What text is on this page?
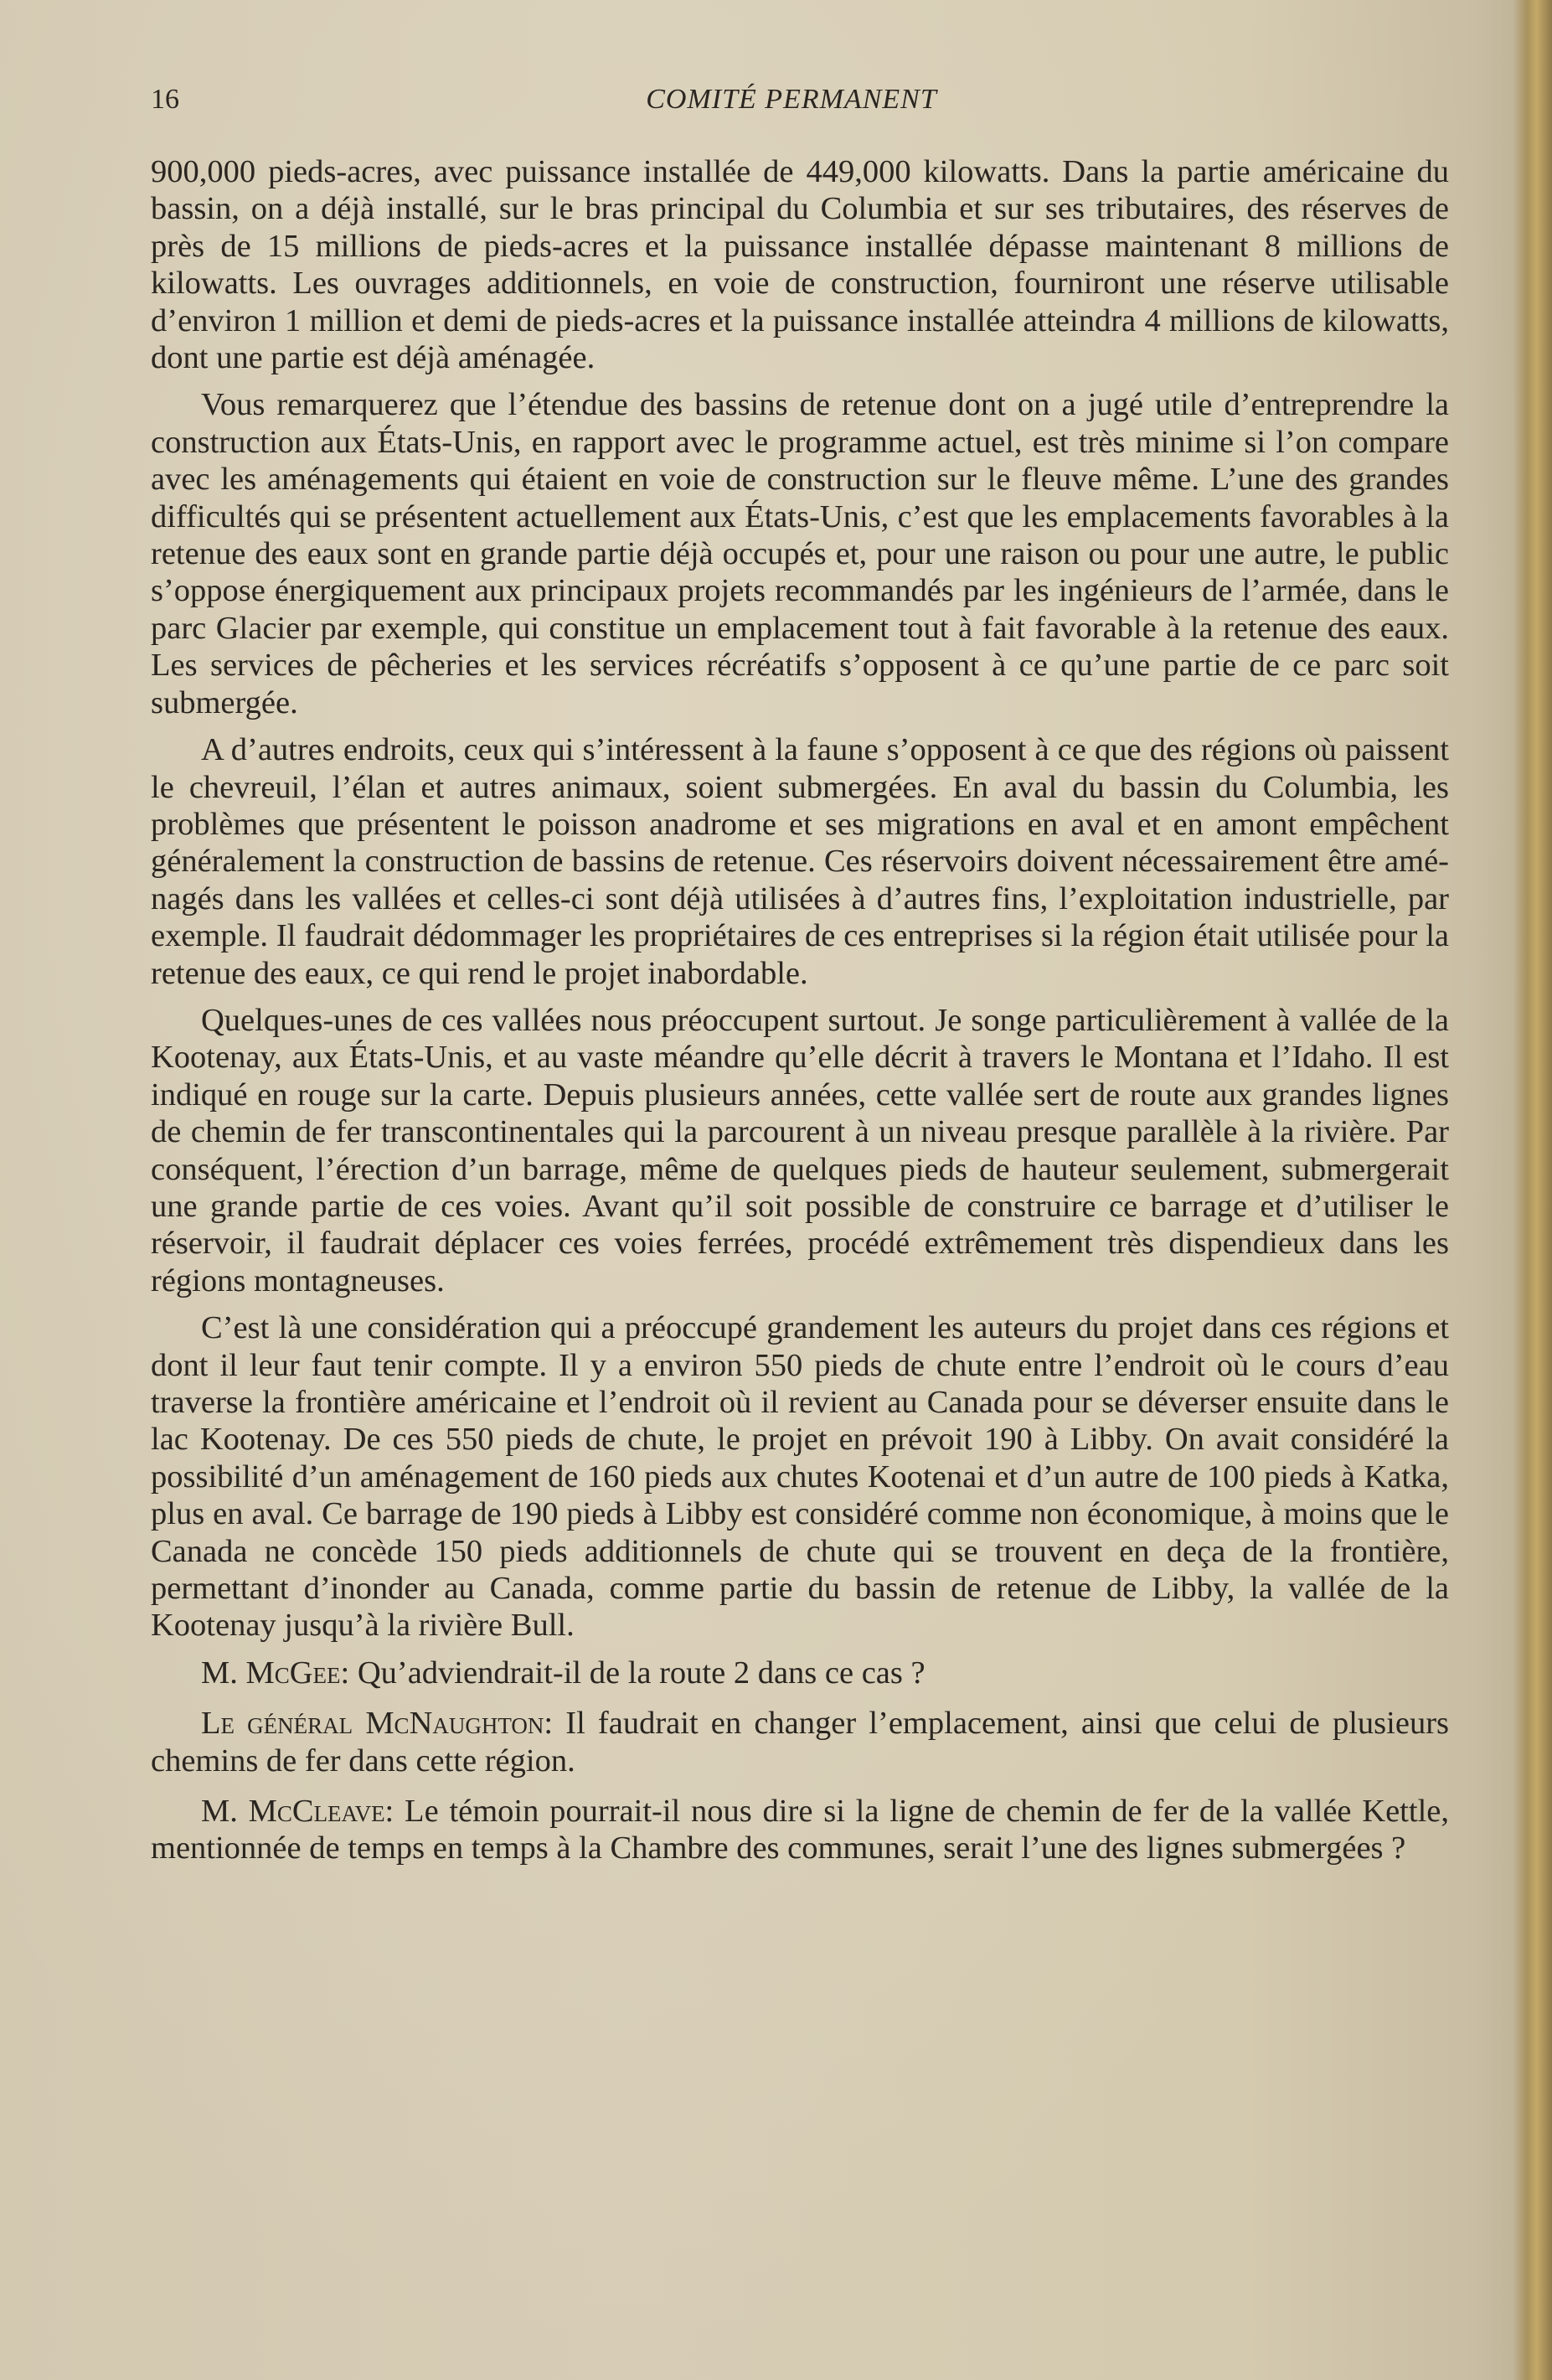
16	COMITÉ PERMANENT

900,000 pieds-acres, avec puissance installée de 449,000 kilowatts. Dans la partie américaine du bassin, on a déjà installé, sur le bras principal du Columbia et sur ses tributaires, des réserves de près de 15 millions de pieds-acres et la puissance installée dépasse maintenant 8 millions de kilowatts. Les ouvrages additionnels, en voie de construction, fourniront une réserve utilisable d’environ 1 million et demi de pieds-acres et la puissance installée atteindra 4 millions de kilowatts, dont une partie est déjà aménagée.

Vous remarquerez que l’étendue des bassins de retenue dont on a jugé utile d’entreprendre la construction aux États-Unis, en rapport avec le programme actuel, est très minime si l’on compare avec les aménagements qui étaient en voie de construction sur le fleuve même. L’une des grandes difficultés qui se présentent actuellement aux États-Unis, c’est que les emplacements favorables à la retenue des eaux sont en grande partie déjà occupés et, pour une raison ou pour une autre, le public s’oppose énergiquement aux principaux projets recommandés par les ingénieurs de l’armée, dans le parc Glacier par exemple, qui constitue un emplacement tout à fait favorable à la retenue des eaux. Les services de pêcheries et les services récréatifs s’opposent à ce qu’une partie de ce parc soit submergée.

A d’autres endroits, ceux qui s’intéressent à la faune s’opposent à ce que des régions où paissent le chevreuil, l’élan et autres animaux, soient submergées. En aval du bassin du Columbia, les problèmes que présentent le poisson anadrome et ses migrations en aval et en amont empêchent généralement la construction de bassins de retenue. Ces réservoirs doivent nécessairement être aménagés dans les vallées et celles-ci sont déjà utilisées à d’autres fins, l’exploitation industrielle, par exemple. Il faudrait dédommager les propriétaires de ces entreprises si la région était utilisée pour la retenue des eaux, ce qui rend le projet inabordable.

Quelques-unes de ces vallées nous préoccupent surtout. Je songe particulièrement à vallée de la Kootenay, aux États-Unis, et au vaste méandre qu’elle décrit à travers le Montana et l’Idaho. Il est indiqué en rouge sur la carte. Depuis plusieurs années, cette vallée sert de route aux grandes lignes de chemin de fer transcontinentales qui la parcourent à un niveau presque parallèle à la rivière. Par conséquent, l’érection d’un barrage, même de quelques pieds de hauteur seulement, submergerait une grande partie de ces voies. Avant qu’il soit possible de construire ce barrage et d’utiliser le réservoir, il faudrait déplacer ces voies ferrées, procédé extrêmement très dispendieux dans les régions montagneuses.

C’est là une considération qui a préoccupé grandement les auteurs du projet dans ces régions et dont il leur faut tenir compte. Il y a environ 550 pieds de chute entre l’endroit où le cours d’eau traverse la frontière américaine et l’endroit où il revient au Canada pour se déverser ensuite dans le lac Kootenay. De ces 550 pieds de chute, le projet en prévoit 190 à Libby. On avait considéré la possibilité d’un aménagement de 160 pieds aux chutes Kootenai et d’un autre de 100 pieds à Katka, plus en aval. Ce barrage de 190 pieds à Libby est considéré comme non économique, à moins que le Canada ne concède 150 pieds additionnels de chute qui se trouvent en deça de la frontière, permettant d’inonder au Canada, comme partie du bassin de retenue de Libby, la vallée de la Kootenay jusqu’à la rivière Bull.

M. McGee: Qu’adviendrait-il de la route 2 dans ce cas ?

Le général McNaughton: Il faudrait en changer l’emplacement, ainsi que celui de plusieurs chemins de fer dans cette région.

M. McCleave: Le témoin pourrait-il nous dire si la ligne de chemin de fer de la vallée Kettle, mentionnée de temps en temps à la Chambre des communes, serait l’une des lignes submergées ?
